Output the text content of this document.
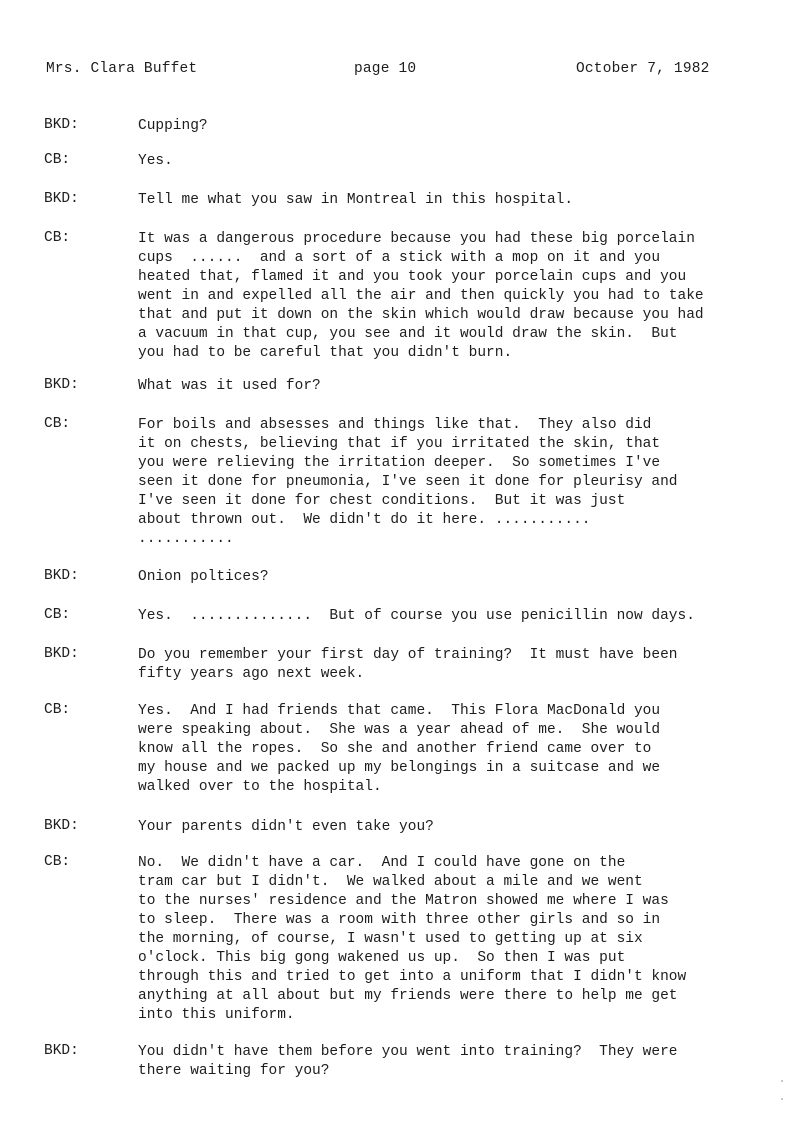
Mrs. Clara Buffet	page 10	October 7, 1982
BKD:	Cupping?
CB:	Yes.
BKD:	Tell me what you saw in Montreal in this hospital.
CB:	It was a dangerous procedure because you had these big porcelain
cups  ......  and a sort of a stick with a mop on it and you
heated that, flamed it and you took your porcelain cups and you
went in and expelled all the air and then quickly you had to take
that and put it down on the skin which would draw because you had
a vacuum in that cup, you see and it would draw the skin.  But
you had to be careful that you didn't burn.
BKD:	What was it used for?
CB:	For boils and absesses and things like that.  They also did
it on chests, believing that if you irritated the skin, that
you were relieving the irritation deeper.  So sometimes I've
seen it done for pneumonia, I've seen it done for pleurisy and
I've seen it done for chest conditions.  But it was just
about thrown out.  We didn't do it here. ...........
...........
BKD:	Onion poltices?
CB:	Yes.  ..............  But of course you use penicillin now days.
BKD:	Do you remember your first day of training?  It must have been
fifty years ago next week.
CB:	Yes.  And I had friends that came.  This Flora MacDonald you
were speaking about.  She was a year ahead of me.  She would
know all the ropes.  So she and another friend came over to
my house and we packed up my belongings in a suitcase and we
walked over to the hospital.
BKD:	Your parents didn't even take you?
CB:	No.  We didn't have a car.  And I could have gone on the
tram car but I didn't.  We walked about a mile and we went
to the nurses' residence and the Matron showed me where I was
to sleep.  There was a room with three other girls and so in
the morning, of course, I wasn't used to getting up at six
o'clock. This big gong wakened us up.  So then I was put
through this and tried to get into a uniform that I didn't know
anything at all about but my friends were there to help me get
into this uniform.
BKD:	You didn't have them before you went into training?  They were
there waiting for you?
